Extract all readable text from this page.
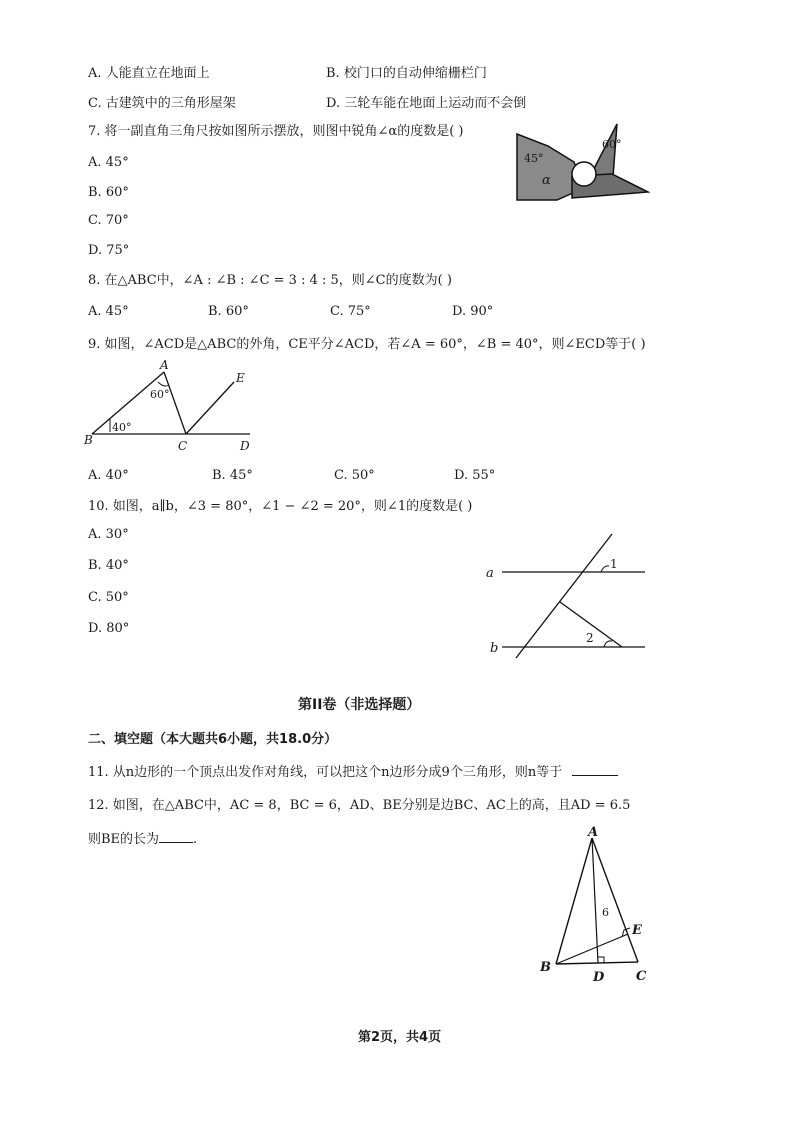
A. 人能直立在地面上	B. 校门口的自动伸缩栅栏门
C. 古建筑中的三角形屋架	D. 三轮车能在地面上运动而不会倒
7. 将一副直角三角尺按如图所示摆放，则图中锐角∠α的度数是( )
A. 45°
B. 60°
C. 70°
D. 75°
45°
60°
α
8. 在△ABC中，∠A : ∠B : ∠C = 3 : 4 : 5，则∠C的度数为( )
A. 45°	B. 60°	C. 75°	D. 90°
9. 如图，∠ACD是△ABC的外角，CE平分∠ACD，若∠A = 60°，∠B = 40°，则∠ECD等于( )
A
B	C	D
E
60°
40°
A. 40°	B. 45°	C. 50°	D. 55°
10. 如图，a∥b，∠3 = 80°，∠1 − ∠2 = 20°，则∠1的度数是( )
A. 30°
B. 40°
C. 50°
D. 80°
a
b
1
2
第II卷（非选择题）
二、填空题（本大题共6小题，共18.0分）
11. 从n边形的一个顶点出发作对角线，可以把这个n边形分成9个三角形，则n等于
12. 如图，在△ABC中，AC = 8，BC = 6，AD、BE分别是边BC、AC上的高，且AD = 6.5
则BE的长为	.	A
B
C
D
E
6
第2页，共4页
